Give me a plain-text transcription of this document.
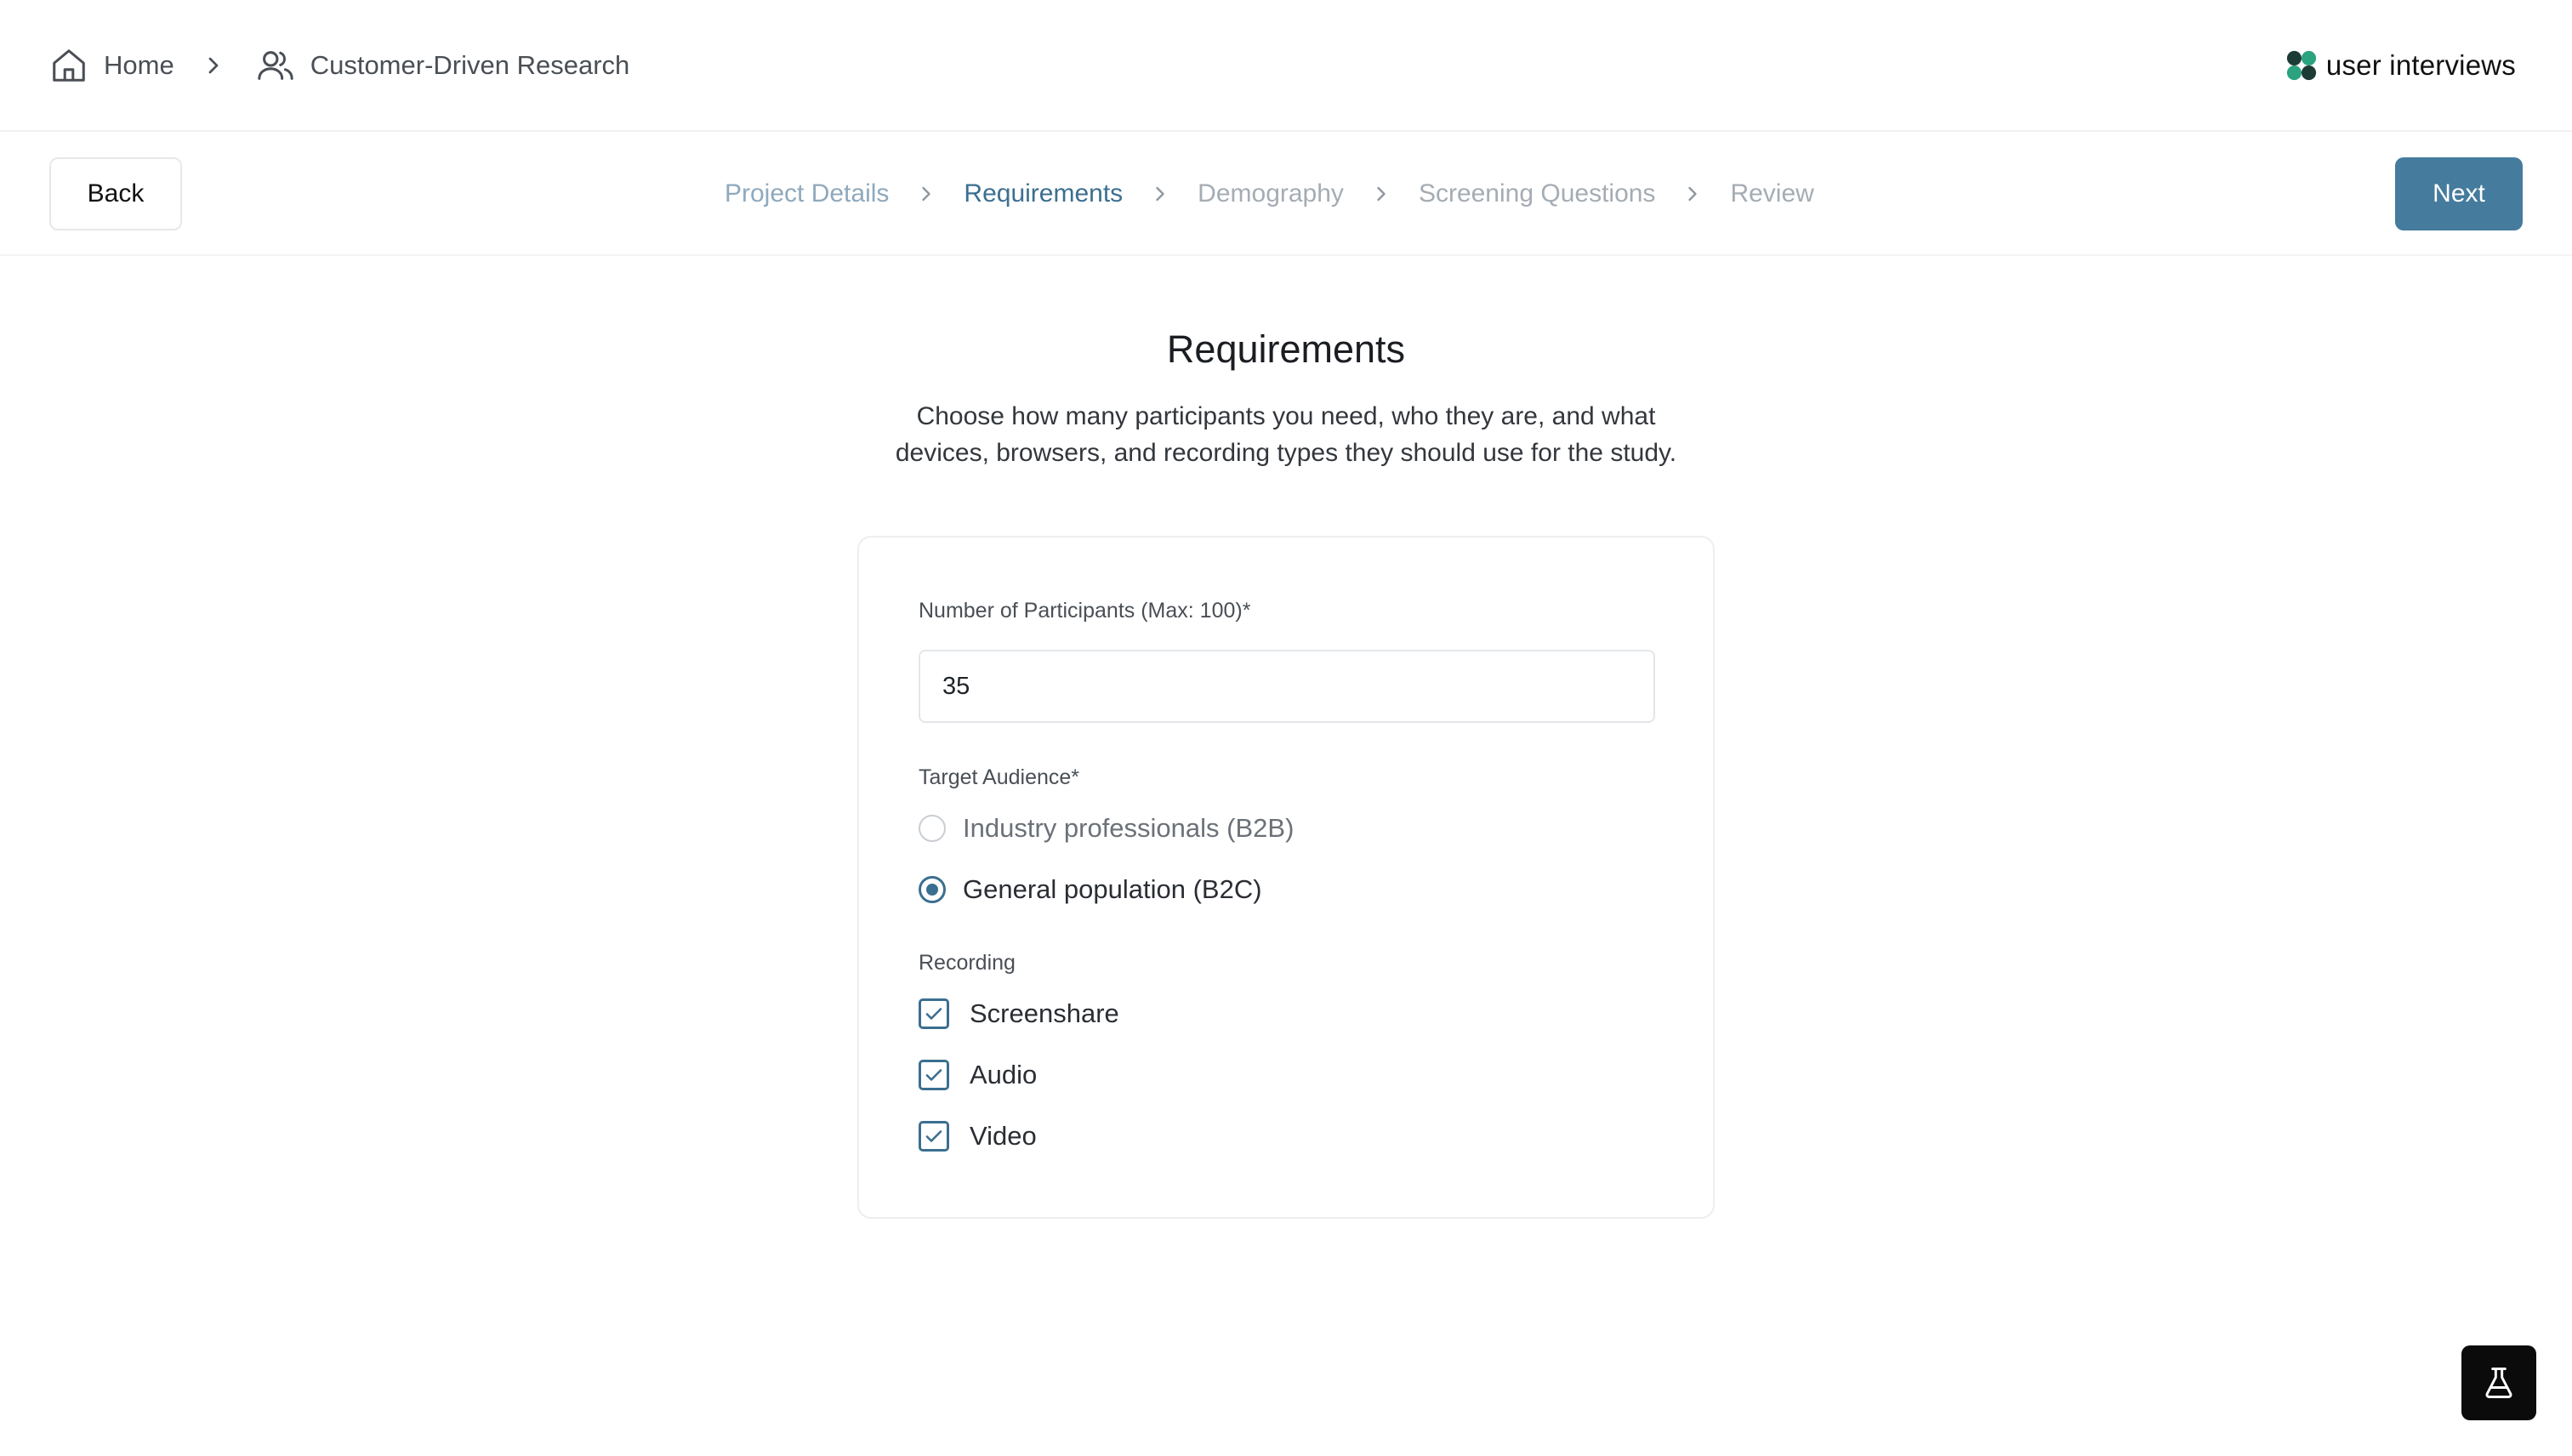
Home	Customer-Driven Research	user interviews
Back	Project Details	Requirements	Demography	Screening Questions	Review	Next
Requirements
Choose how many participants you need, who they are, and what
devices, browsers, and recording types they should use for the study.
Number of Participants (Max: 100)*
35
Target Audience*
Industry professionals (B2B)
General population (B2C)
Recording
Screenshare
Audio
Video
